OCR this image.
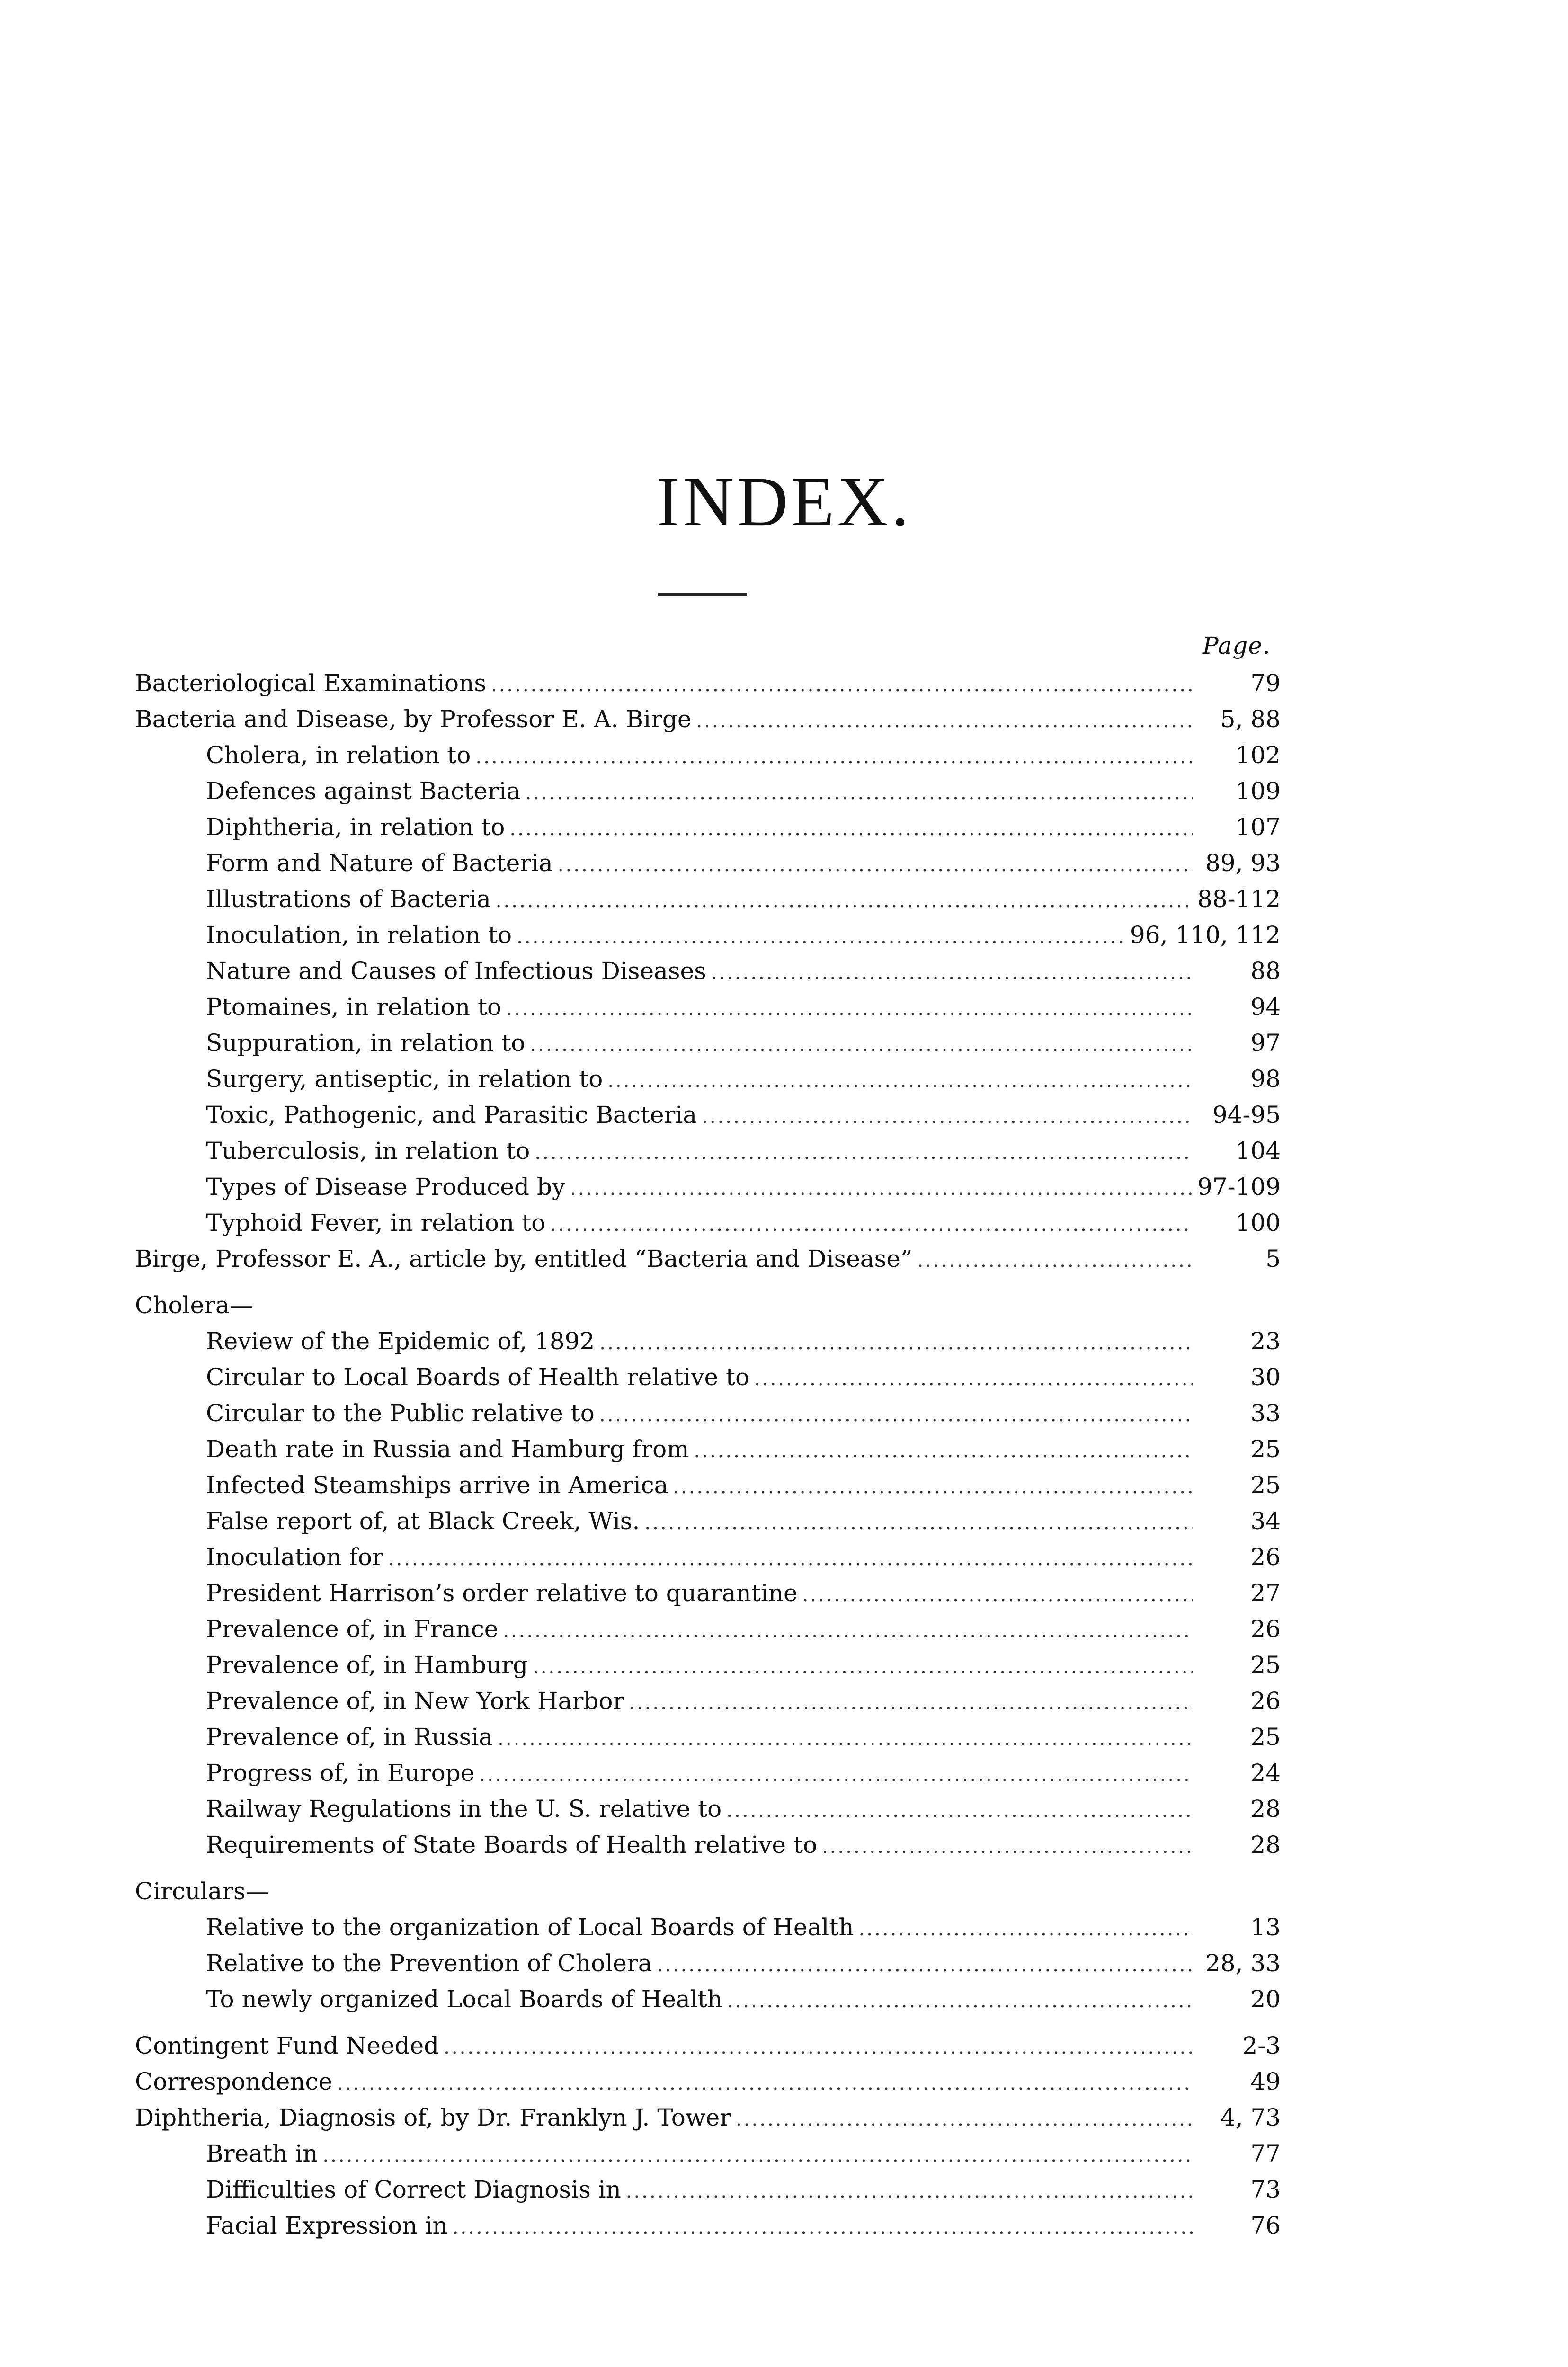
INDEX.
Page.
Bacteriological Examinations .....	79
Bacteria and Disease, by Professor E. A. Birge .....	5, 88
Cholera, in relation to .....	102
Defences against Bacteria .....	109
Diphtheria, in relation to .....	107
Form and Nature of Bacteria .....	89, 93
Illustrations of Bacteria .....	88-112
Inoculation, in relation to .....	96, 110, 112
Nature and Causes of Infectious Diseases .....	88
Ptomaines, in relation to .....	94
Suppuration, in relation to .....	97
Surgery, antiseptic, in relation to .....	98
Toxic, Pathogenic, and Parasitic Bacteria .....	94-95
Tuberculosis, in relation to .....	104
Types of Disease Produced by .....	97-109
Typhoid Fever, in relation to .....	100
Birge, Professor E. A., article by, entitled “Bacteria and Disease” .....	5
Cholera—
Review of the Epidemic of, 1892 .....	23
Circular to Local Boards of Health relative to .....	30
Circular to the Public relative to .....	33
Death rate in Russia and Hamburg from .....	25
Infected Steamships arrive in America .....	25
False report of, at Black Creek, Wis. .....	34
Inoculation for .....	26
President Harrison’s order relative to quarantine .....	27
Prevalence of, in France .....	26
Prevalence of, in Hamburg .....	25
Prevalence of, in New York Harbor .....	26
Prevalence of, in Russia .....	25
Progress of, in Europe .....	24
Railway Regulations in the U. S. relative to .....	28
Requirements of State Boards of Health relative to .....	28
Circulars—
Relative to the organization of Local Boards of Health .....	13
Relative to the Prevention of Cholera .....	28, 33
To newly organized Local Boards of Health .....	20
Contingent Fund Needed .....	2-3
Correspondence .....	49
Diphtheria, Diagnosis of, by Dr. Franklyn J. Tower .....	4, 73
Breath in .....	77
Difficulties of Correct Diagnosis in .....	73
Facial Expression in .....	76
